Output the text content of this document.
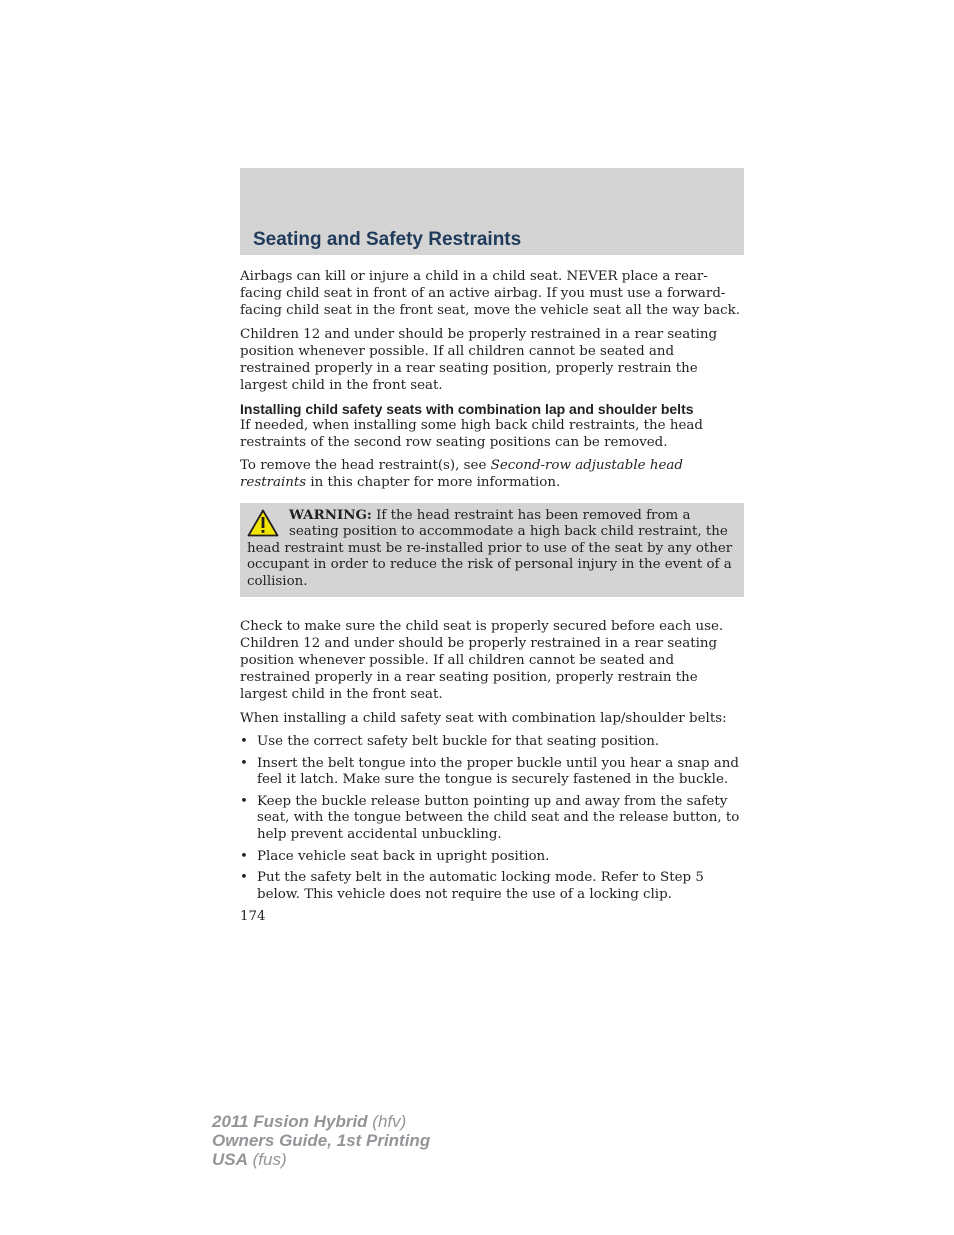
Seating and Safety Restraints

Airbags can kill or injure a child in a child seat. NEVER place a rear-facing child seat in front of an active airbag. If you must use a forward-facing child seat in the front seat, move the vehicle seat all the way back.

Children 12 and under should be properly restrained in a rear seating position whenever possible. If all children cannot be seated and restrained properly in a rear seating position, properly restrain the largest child in the front seat.

Installing child safety seats with combination lap and shoulder belts

If needed, when installing some high back child restraints, the head restraints of the second row seating positions can be removed.

To remove the head restraint(s), see Second-row adjustable head restraints in this chapter for more information.

WARNING: If the head restraint has been removed from a seating position to accommodate a high back child restraint, the head restraint must be re-installed prior to use of the seat by any other occupant in order to reduce the risk of personal injury in the event of a collision.

Check to make sure the child seat is properly secured before each use. Children 12 and under should be properly restrained in a rear seating position whenever possible. If all children cannot be seated and restrained properly in a rear seating position, properly restrain the largest child in the front seat.

When installing a child safety seat with combination lap/shoulder belts:

• Use the correct safety belt buckle for that seating position.
• Insert the belt tongue into the proper buckle until you hear a snap and feel it latch. Make sure the tongue is securely fastened in the buckle.
• Keep the buckle release button pointing up and away from the safety seat, with the tongue between the child seat and the release button, to help prevent accidental unbuckling.
• Place vehicle seat back in upright position.
• Put the safety belt in the automatic locking mode. Refer to Step 5 below. This vehicle does not require the use of a locking clip.

174

2011 Fusion Hybrid (hfv)
Owners Guide, 1st Printing
USA (fus)
